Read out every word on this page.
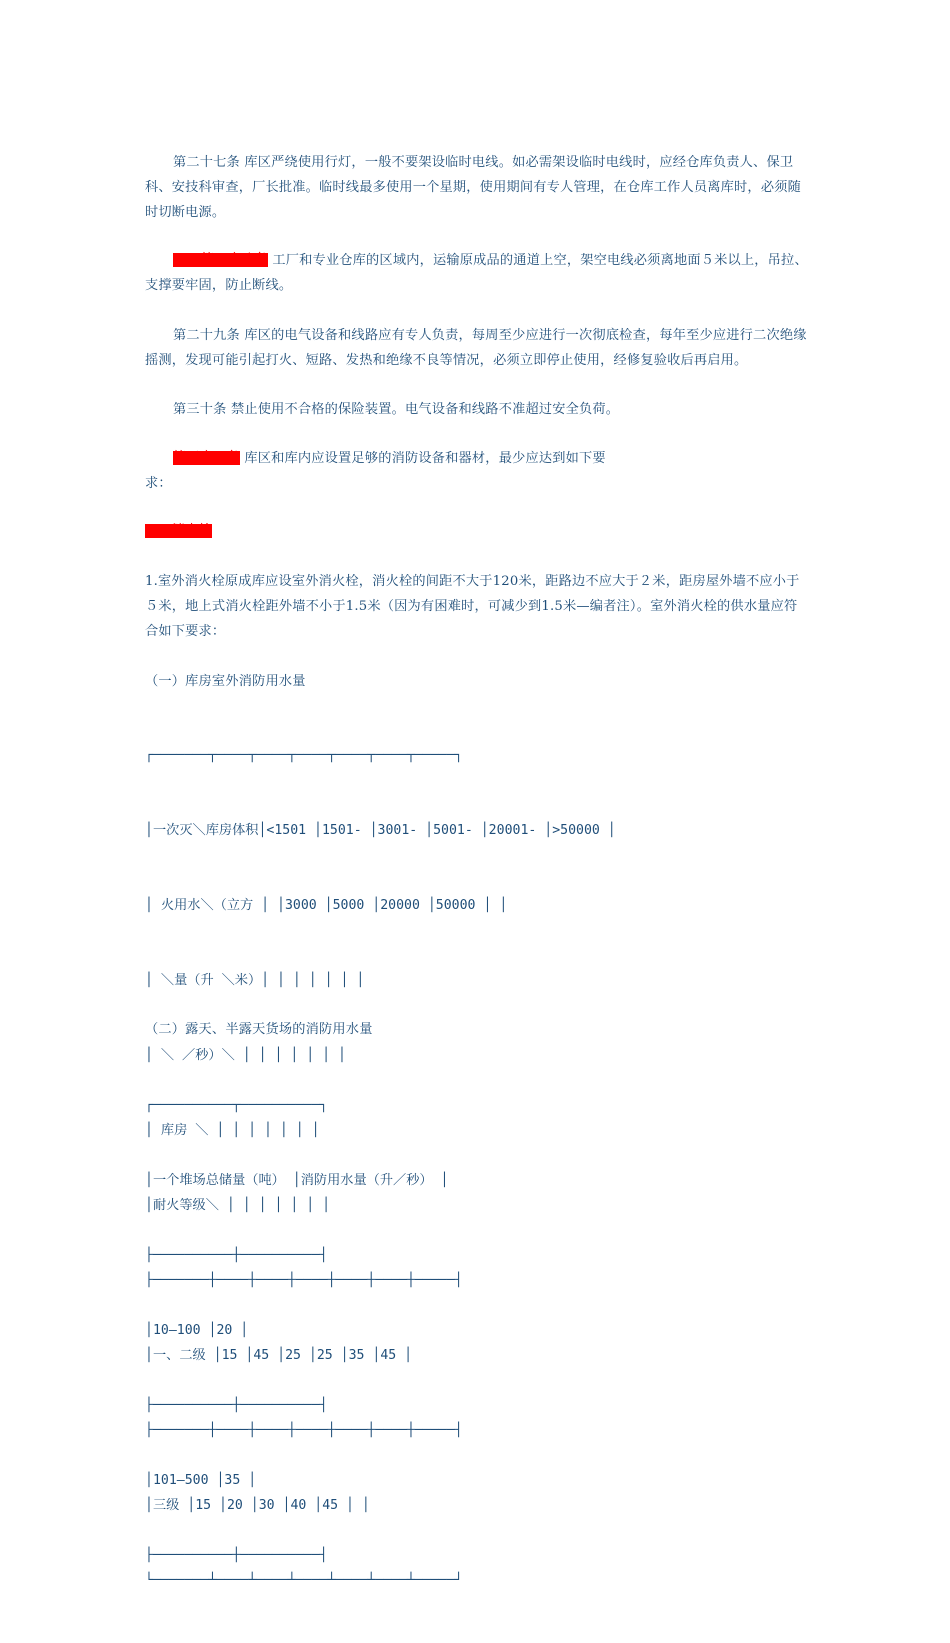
第二十七条 库区严绕使用行灯，一般不要架设临时电线。如必需架设临时电线时，应经仓库负责人、保卫科、安技科审查，厂长批准。临时线最多使用一个星期，使用期间有专人管理，在仓库工作人员离库时，必须随时切断电源。

第二十八条 工厂和专业仓库的区域内，运输原成品的通道上空，架空电线必须离地面５米以上，吊拉、支撑要牢固，防止断线。

第二十九条 库区的电气设备和线路应有专人负责，每周至少应进行一次彻底检查，每年至少应进行二次绝缘摇测，发现可能引起打火、短路、发热和绝缘不良等情况，必须立即停止使用，经修复验收后再启用。

第三十条 禁止使用不合格的保险装置。电气设备和线路不准超过安全负荷。

第三十一条 库区和库内应设置足够的消防设备和器材，最少应达到如下要
求：

一、消火栓

1.室外消火栓原成库应设室外消火栓，消火栓的间距不大于120米，距路边不应大于２米，距房屋外墙不应小于５米，地上式消火栓距外墙不小于1.5米（因为有困难时，可减少到1.5米—编者注）。室外消火栓的供水量应符合如下要求：

（一）库房室外消防用水量

┌───────┬────┬────┬────┬────┬────┬─────┐

│一次灭＼库房体积│<1501 │1501- │3001- │5001- │20001- │>50000 │

│ 火用水＼（立方 │ │3000 │5000 │20000 │50000 │ │

│ ＼量（升 ＼米）│ │ │ │ │ │ │

│ ＼ ／秒）＼ │ │ │ │ │ │ │

│ 库房 ＼ │ │ │ │ │ │ │

│耐火等级＼ │ │ │ │ │ │ │

├───────┼────┼────┼────┼────┼────┼─────┤

│一、二级 │15 │45 │25 │25 │35 │45 │

├───────┼────┼────┼────┼────┼────┼─────┤

│三级 │15 │20 │30 │40 │45 │ │

└───────┴────┴────┴────┴────┴────┴─────┘

（二）露天、半露天货场的消防用水量

┌──────────┬──────────┐

│一个堆场总储量（吨） │消防用水量（升／秒） │

├──────────┼──────────┤

│10—100 │20 │

├──────────┼──────────┤

│101—500 │35 │

├──────────┼──────────┤
